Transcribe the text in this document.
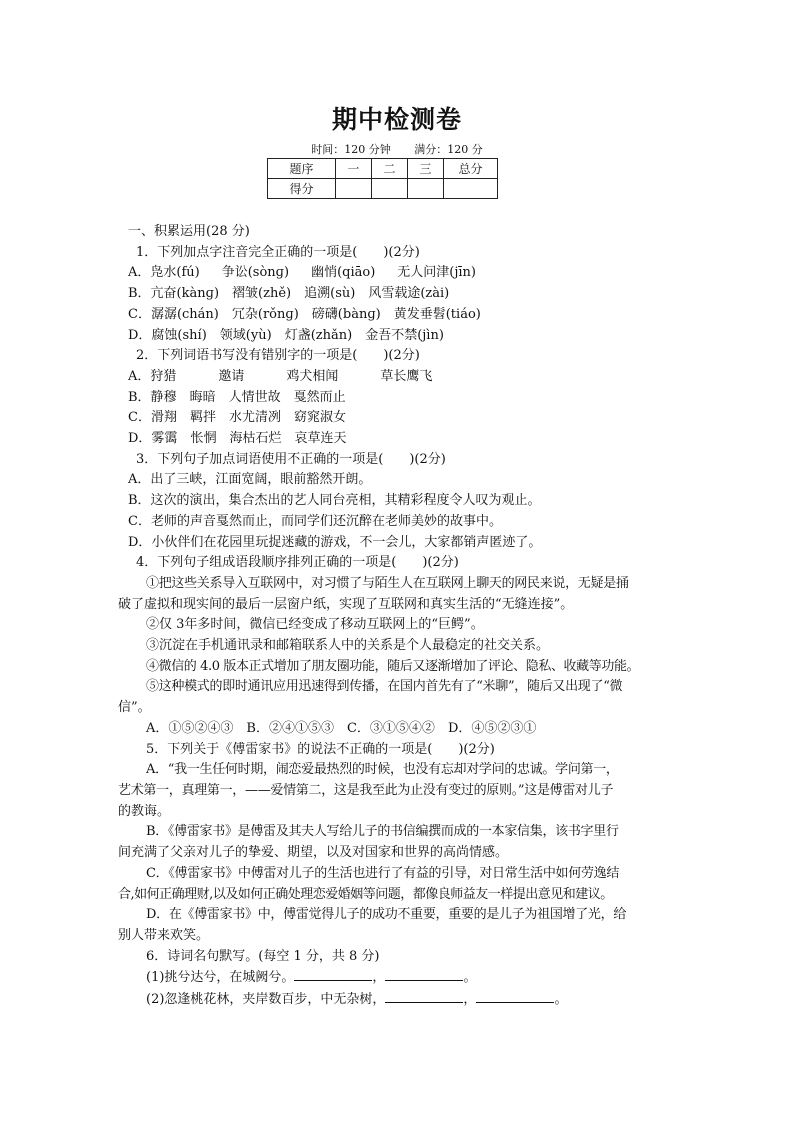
期中检测卷
时间：120 分钟 满分：120 分
题序	一	二	三	总分
得分				
一、积累运用(28 分)
1．下列加点字注音完全正确的一项是(　　)(2分)
A．凫水(fú) 争讼(sònɡ) 幽悄(qiāo) 无人问津(jīn)
B．亢奋(kànɡ)　 褶皱(zhě)　 追溯(sù)　 风雪载途(zài)
C．潺潺(chán)　 冗杂(rǒnɡ)　 磅礴(bànɡ)　 黄发垂髫(tiáo)
D．腐蚀(shí)　 领域(yù)　 灯盏(zhǎn)　 金吾不禁(jìn)
2．下列词语书写没有错别字的一项是(　　)(2分)
A．狩猎	邀请	鸡犬相闻	草长鹰飞
B．静穆　 晦暗　 人情世故　 戛然而止
C．滑翔　 羁拌　 水尤清冽　 窈窕淑女
D．雾霭　 怅惘　 海枯石烂　 哀草连天
3．下列句子加点词语使用不正确的一项是(　　)(2分)
A．出了三峡，江面宽阔，眼前豁然开朗。
B．这次的演出，集合杰出的艺人同台亮相，其精彩程度令人叹为观止。
C．老师的声音戛然而止，而同学们还沉醉在老师美妙的故事中。
D．小伙伴们在花园里玩捉迷藏的游戏，不一会儿，大家都销声匿迹了。
4．下列句子组成语段顺序排列正确的一项是(　　)(2分)
①把这些关系导入互联网中，对习惯了与陌生人在互联网上聊天的网民来说，无疑是捅
破了虚拟和现实间的最后一层窗户纸，实现了互联网和真实生活的“无缝连接”。
②仅 3年多时间，微信已经变成了移动互联网上的“巨鳄”。
③沉淀在手机通讯录和邮箱联系人中的关系是个人最稳定的社交关系。
④微信的 4.0 版本正式增加了朋友圈功能，随后又逐渐增加了评论、隐私、收藏等功能。
⑤这种模式的即时通讯应用迅速得到传播，在国内首先有了“米聊”，随后又出现了“微
信”。
A．①⑤②④③　 B．②④①⑤③　 C．③①⑤④②　 D．④⑤②③①
5．下列关于《傅雷家书》的说法不正确的一项是(　　)(2分)
A．“我一生任何时期，闹恋爱最热烈的时候，也没有忘却对学问的忠诚。学问第一，
艺术第一，真理第一，——爱情第二，这是我至此为止没有变过的原则。”这是傅雷对儿子
的教诲。
B．《傅雷家书》是傅雷及其夫人写给儿子的书信编撰而成的一本家信集，该书字里行
间充满了父亲对儿子的挚爱、期望，以及对国家和世界的高尚情感。
C．《傅雷家书》中傅雷对儿子的生活也进行了有益的引导，对日常生活中如何劳逸结
合,如何正确理财,以及如何正确处理恋爱婚姻等问题，都像良师益友一样提出意见和建议。
D．在《傅雷家书》中，傅雷觉得儿子的成功不重要，重要的是儿子为祖国增了光，给
别人带来欢笑。
6．诗词名句默写。(每空 1 分，共 8 分)
(1)挑兮达兮，在城阙兮。	，	。
(2)忽逢桃花林，夹岸数百步，中无杂树，	，	。
